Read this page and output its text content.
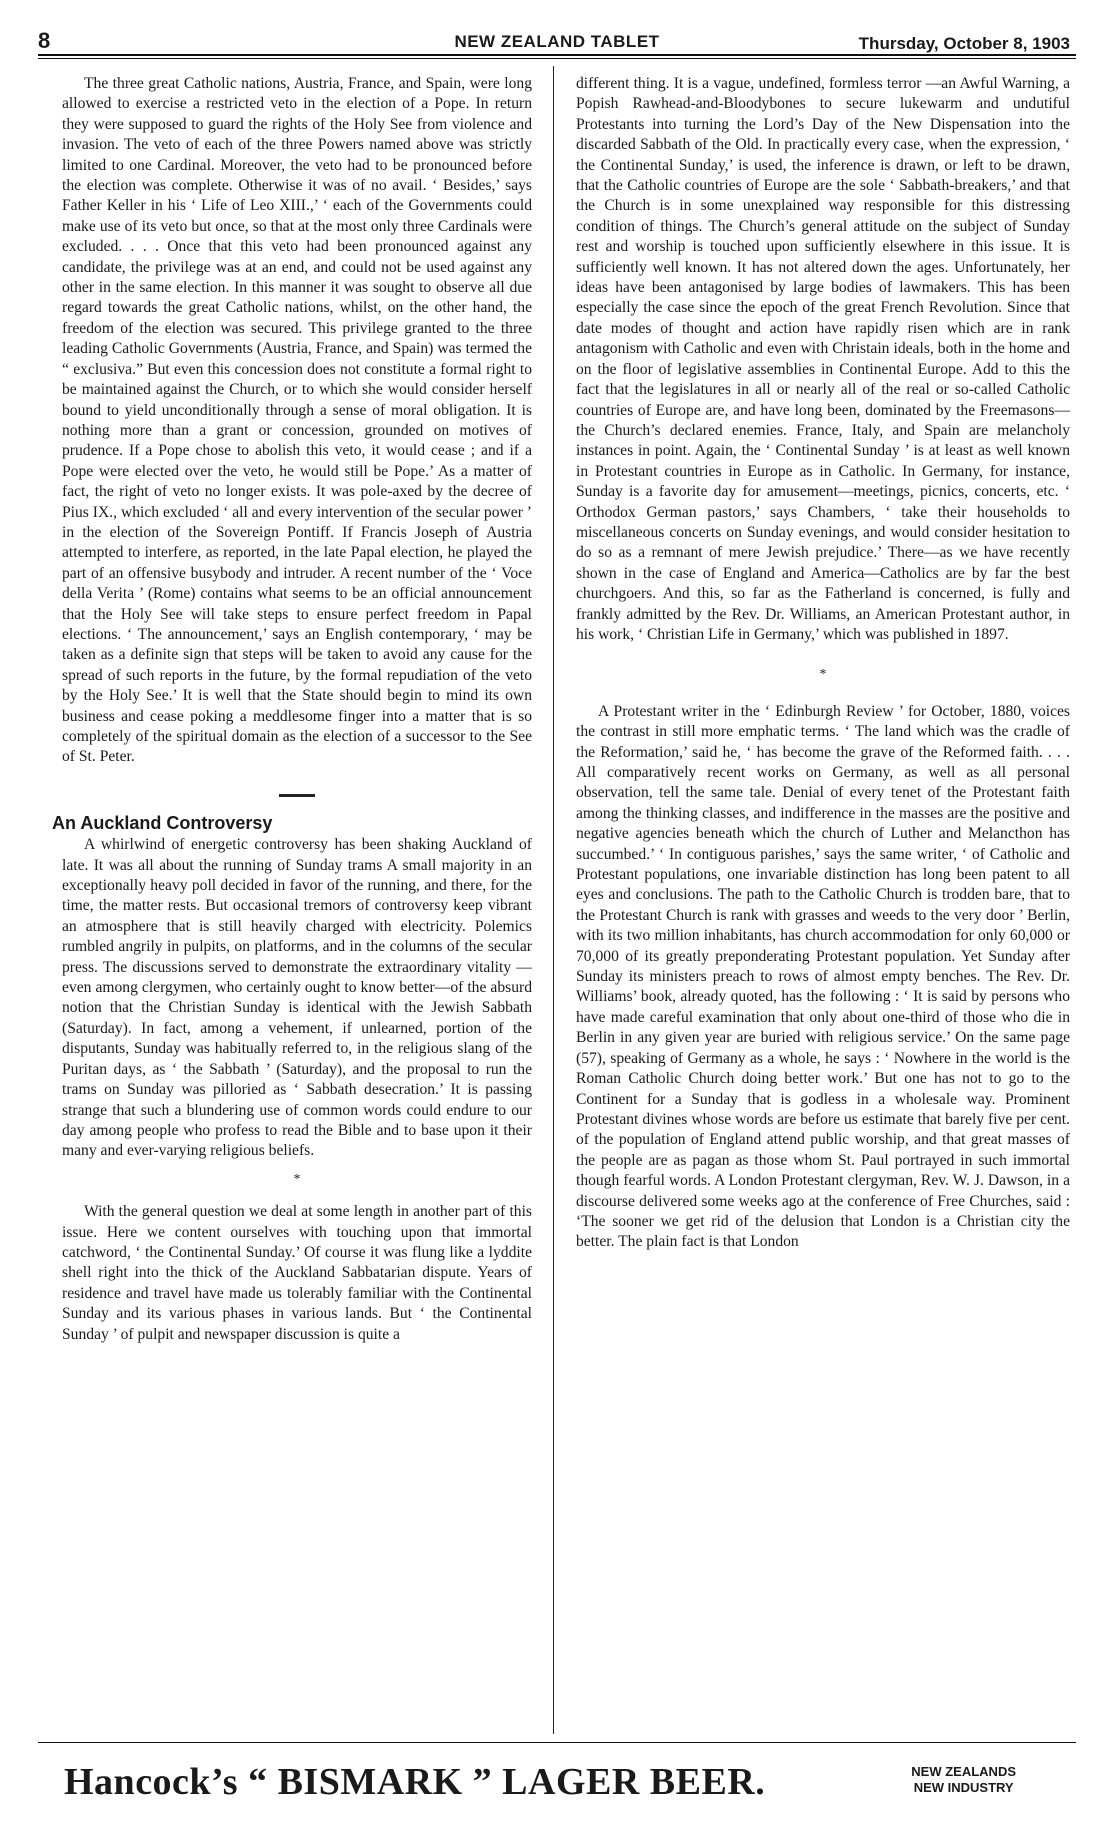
8	NEW ZEALAND TABLET	Thursday, October 8, 1903

The three great Catholic nations, Austria, France, and Spain, were long allowed to exercise a restricted veto in the election of a Pope. In return they were supposed to guard the rights of the Holy See from violence and invasion. The veto of each of the three Powers named above was strictly limited to one Cardinal. Moreover, the veto had to be pronounced before the election was complete. Otherwise it was of no avail. ‘ Besides,’ says Father Keller in his ‘ Life of Leo XIII.,’ ‘ each of the Governments could make use of its veto but once, so that at the most only three Cardinals were excluded. . . . Once that this veto had been pronounced against any candidate, the privilege was at an end, and could not be used against any other in the same election. In this manner it was sought to observe all due regard towards the great Catholic nations, whilst, on the other hand, the freedom of the election was secured. This privilege granted to the three leading Catholic Governments (Austria, France, and Spain) was termed the “ exclusiva.” But even this concession does not constitute a formal right to be maintained against the Church, or to which she would consider herself bound to yield unconditionally through a sense of moral obligation. It is nothing more than a grant or concession, grounded on motives of prudence. If a Pope chose to abolish this veto, it would cease ; and if a Pope were elected over the veto, he would still be Pope.’ As a matter of fact, the right of veto no longer exists. It was pole-axed by the decree of Pius IX., which excluded ‘ all and every intervention of the secular power ’ in the election of the Sovereign Pontiff. If Francis Joseph of Austria attempted to interfere, as reported, in the late Papal election, he played the part of an offensive busybody and intruder. A recent number of the ‘ Voce della Verita ’ (Rome) contains what seems to be an official announcement that the Holy See will take steps to ensure perfect freedom in Papal elections. ‘ The announcement,’ says an English contemporary, ‘ may be taken as a definite sign that steps will be taken to avoid any cause for the spread of such reports in the future, by the formal repudiation of the veto by the Holy See.’ It is well that the State should begin to mind its own business and cease poking a meddlesome finger into a matter that is so completely of the spiritual domain as the election of a successor to the See of St. Peter.

An Auckland Controversy

A whirlwind of energetic controversy has been shaking Auckland of late. It was all about the running of Sunday trams A small majority in an exceptionally heavy poll decided in favor of the running, and there, for the time, the matter rests. But occasional tremors of controversy keep vibrant an atmosphere that is still heavily charged with electricity. Polemics rumbled angrily in pulpits, on platforms, and in the columns of the secular press. The discussions served to demonstrate the extraordinary vitality — even among clergymen, who certainly ought to know better—of the absurd notion that the Christian Sunday is identical with the Jewish Sabbath (Saturday). In fact, among a vehement, if unlearned, portion of the disputants, Sunday was habitually referred to, in the religious slang of the Puritan days, as ‘ the Sabbath ’ (Saturday), and the proposal to run the trams on Sunday was pilloried as ‘ Sabbath desecration.’ It is passing strange that such a blundering use of common words could endure to our day among people who profess to read the Bible and to base upon it their many and ever-varying religious beliefs.

*

With the general question we deal at some length in another part of this issue. Here we content ourselves with touching upon that immortal catchword, ‘ the Continental Sunday.’ Of course it was flung like a lyddite shell right into the thick of the Auckland Sabbatarian dispute. Years of residence and travel have made us tolerably familiar with the Continental Sunday and its various phases in various lands. But ‘ the Continental Sunday ’ of pulpit and newspaper discussion is quite a

different thing. It is a vague, undefined, formless terror —an Awful Warning, a Popish Rawhead-and-Bloodybones to secure lukewarm and undutiful Protestants into turning the Lord’s Day of the New Dispensation into the discarded Sabbath of the Old. In practically every case, when the expression, ‘ the Continental Sunday,’ is used, the inference is drawn, or left to be drawn, that the Catholic countries of Europe are the sole ‘ Sabbath-breakers,’ and that the Church is in some unexplained way responsible for this distressing condition of things. The Church’s general attitude on the subject of Sunday rest and worship is touched upon sufficiently elsewhere in this issue. It is sufficiently well known. It has not altered down the ages. Unfortunately, her ideas have been antagonised by large bodies of lawmakers. This has been especially the case since the epoch of the great French Revolution. Since that date modes of thought and action have rapidly risen which are in rank antagonism with Catholic and even with Christain ideals, both in the home and on the floor of legislative assemblies in Continental Europe. Add to this the fact that the legislatures in all or nearly all of the real or so-called Catholic countries of Europe are, and have long been, dominated by the Freemasons—the Church’s declared enemies. France, Italy, and Spain are melancholy instances in point. Again, the ‘ Continental Sunday ’ is at least as well known in Protestant countries in Europe as in Catholic. In Germany, for instance, Sunday is a favorite day for amusement—meetings, picnics, concerts, etc. ‘ Orthodox German pastors,’ says Chambers, ‘ take their households to miscellaneous concerts on Sunday evenings, and would consider hesitation to do so as a remnant of mere Jewish prejudice.’ There—as we have recently shown in the case of England and America—Catholics are by far the best churchgoers. And this, so far as the Fatherland is concerned, is fully and frankly admitted by the Rev. Dr. Williams, an American Protestant author, in his work, ‘ Christian Life in Germany,’ which was published in 1897.

*

A Protestant writer in the ‘ Edinburgh Review ’ for October, 1880, voices the contrast in still more emphatic terms. ‘ The land which was the cradle of the Reformation,’ said he, ‘ has become the grave of the Reformed faith. . . . All comparatively recent works on Germany, as well as all personal observation, tell the same tale. Denial of every tenet of the Protestant faith among the thinking classes, and indifference in the masses are the positive and negative agencies beneath which the church of Luther and Melancthon has succumbed.’ ‘ In contiguous parishes,’ says the same writer, ‘ of Catholic and Protestant populations, one invariable distinction has long been patent to all eyes and conclusions. The path to the Catholic Church is trodden bare, that to the Protestant Church is rank with grasses and weeds to the very door ’ Berlin, with its two million inhabitants, has church accommodation for only 60,000 or 70,000 of its greatly preponderating Protestant population. Yet Sunday after Sunday its ministers preach to rows of almost empty benches. The Rev. Dr. Williams’ book, already quoted, has the following : ‘ It is said by persons who have made careful examination that only about one-third of those who die in Berlin in any given year are buried with religious service.’ On the same page (57), speaking of Germany as a whole, he says : ‘ Nowhere in the world is the Roman Catholic Church doing better work.’ But one has not to go to the Continent for a Sunday that is godless in a wholesale way. Prominent Protestant divines whose words are before us estimate that barely five per cent. of the population of England attend public worship, and that great masses of the people are as pagan as those whom St. Paul portrayed in such immortal though fearful words. A London Protestant clergyman, Rev. W. J. Dawson, in a discourse delivered some weeks ago at the conference of Free Churches, said : ‘The sooner we get rid of the delusion that London is a Christian city the better. The plain fact is that London

Hancock’s “ BISMARK ” LAGER BEER.	NEW ZEALANDS
NEW INDUSTRY
